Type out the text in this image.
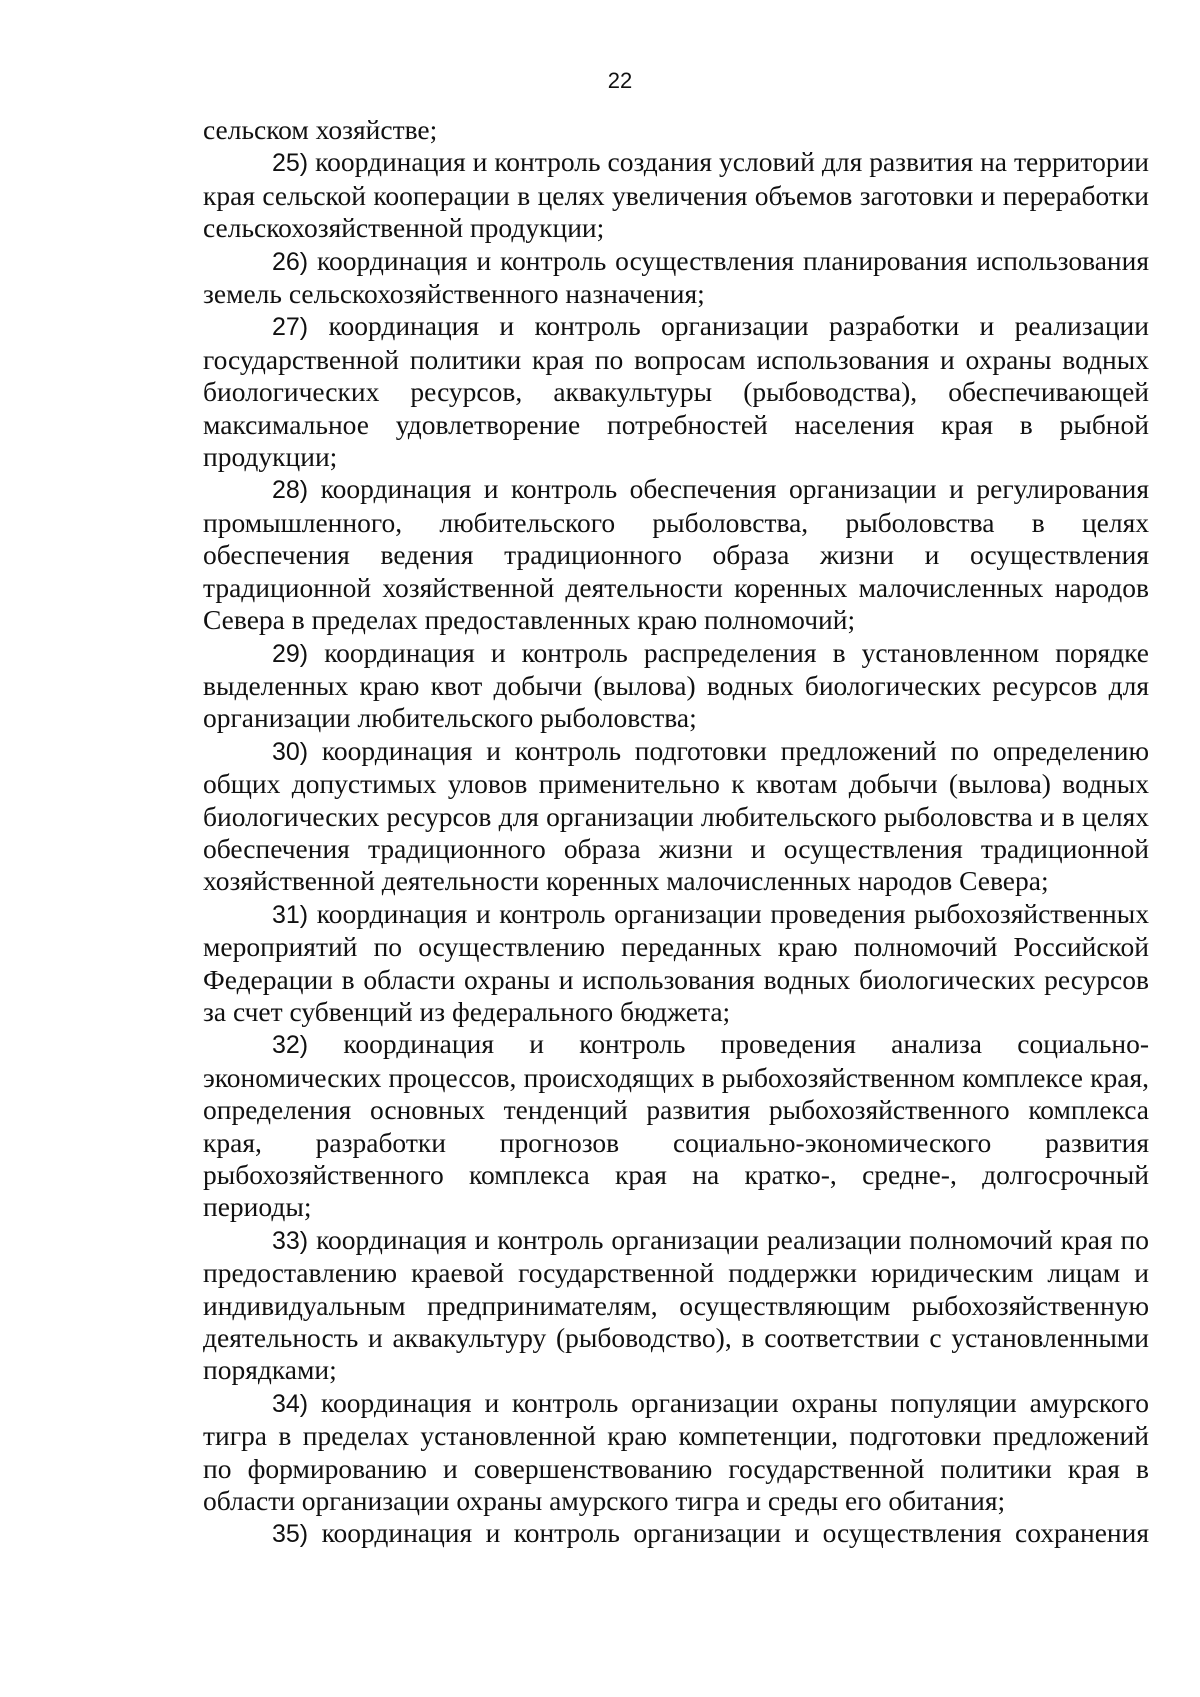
22

сельском хозяйстве;

25) координация и контроль создания условий для развития на территории края сельской кооперации в целях увеличения объемов заготовки и переработки сельскохозяйственной продукции;

26) координация и контроль осуществления планирования использования земель сельскохозяйственного назначения;

27) координация и контроль организации разработки и реализации государственной политики края по вопросам использования и охраны водных биологических ресурсов, аквакультуры (рыбоводства), обеспечивающей максимальное удовлетворение потребностей населения края в рыбной продукции;

28) координация и контроль обеспечения организации и регулирования промышленного, любительского рыболовства, рыболовства в целях обеспечения ведения традиционного образа жизни и осуществления традиционной хозяйственной деятельности коренных малочисленных народов Севера в пределах предоставленных краю полномочий;

29) координация и контроль распределения в установленном порядке выделенных краю квот добычи (вылова) водных биологических ресурсов для организации любительского рыболовства;

30) координация и контроль подготовки предложений по определению общих допустимых уловов применительно к квотам добычи (вылова) водных биологических ресурсов для организации любительского рыболовства и в целях обеспечения традиционного образа жизни и осуществления традиционной хозяйственной деятельности коренных малочисленных народов Севера;

31) координация и контроль организации проведения рыбохозяйственных мероприятий по осуществлению переданных краю полномочий Российской Федерации в области охраны и использования водных биологических ресурсов за счет субвенций из федерального бюджета;

32) координация и контроль проведения анализа социально-экономических процессов, происходящих в рыбохозяйственном комплексе края, определения основных тенденций развития рыбохозяйственного комплекса края, разработки прогнозов социально-экономического развития рыбохозяйственного комплекса края на кратко-, средне-, долгосрочный периоды;

33) координация и контроль организации реализации полномочий края по предоставлению краевой государственной поддержки юридическим лицам и индивидуальным предпринимателям, осуществляющим рыбохозяйственную деятельность и аквакультуру (рыбоводство), в соответствии с установленными порядками;

34) координация и контроль организации охраны популяции амурского тигра в пределах установленной краю компетенции, подготовки предложений по формированию и совершенствованию государственной политики края в области организации охраны амурского тигра и среды его обитания;

35) координация и контроль организации и осуществления сохранения
